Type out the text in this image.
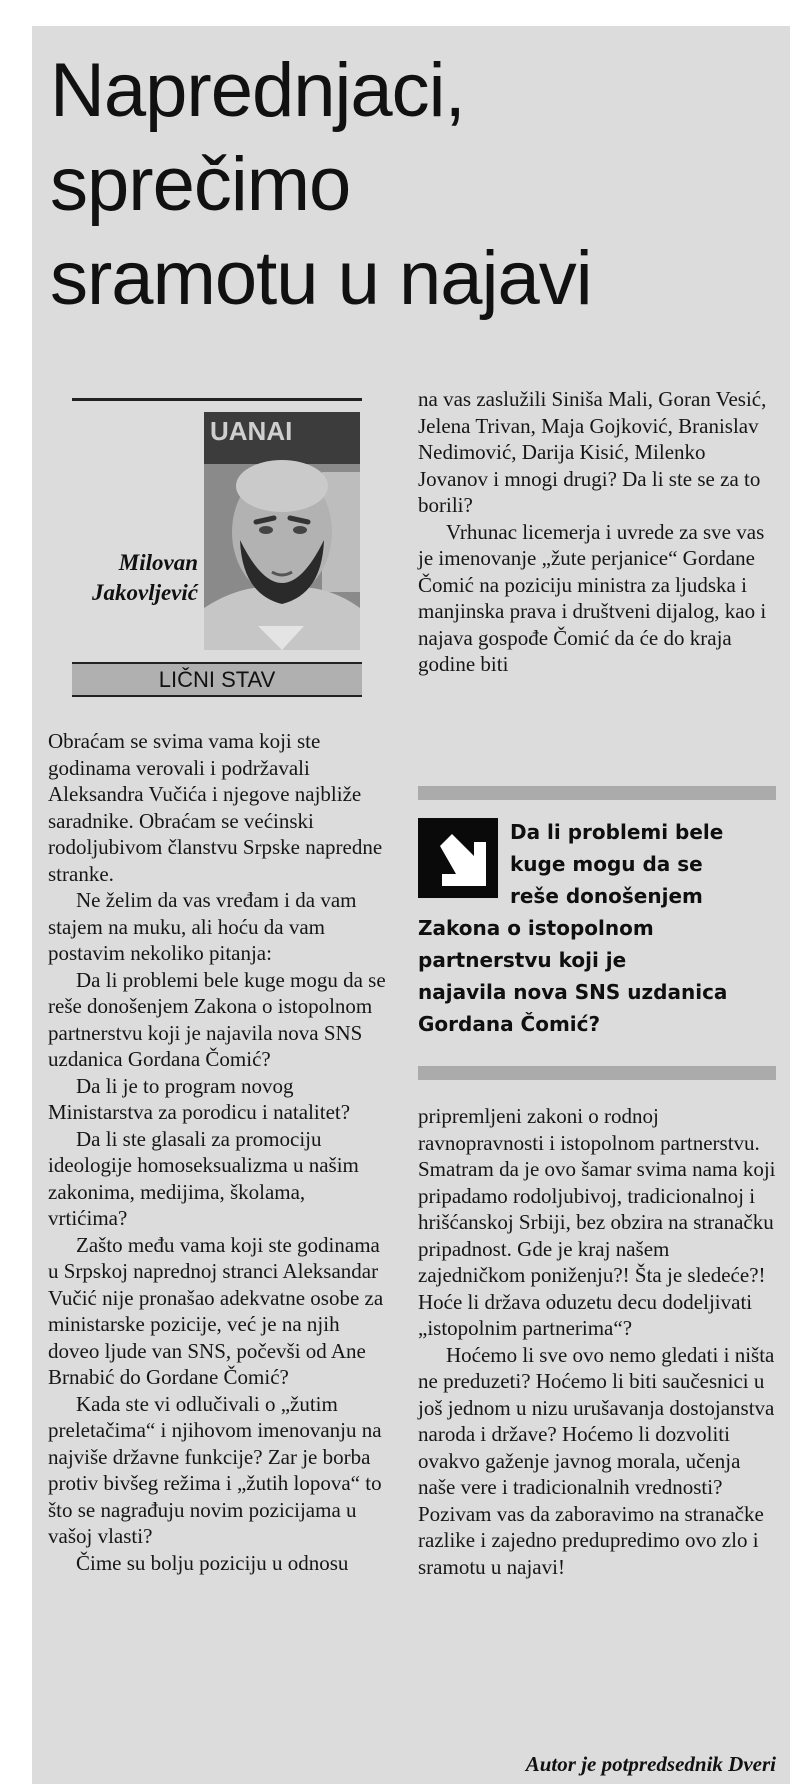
Naprednjaci,
sprečimo
sramotu u najavi
UANAI
Milovan
Jakovljević
LIČNI STAV

Obraćam se svima vama koji ste godinama verovali i podržavali Aleksandra Vučića i njegove najbliže saradnike. Obraćam se većinski rodoljubivom članstvu Srpske napredne stranke.

Ne želim da vas vređam i da vam stajem na muku, ali hoću da vam postavim nekoliko pitanja:

Da li problemi bele kuge mogu da se reše donošenjem Zakona o istopolnom partnerstvu koji je najavila nova SNS uzdanica Gordana Čomić?

Da li je to program novog Ministarstva za porodicu i natalitet?

Da li ste glasali za promociju ideologije homoseksualizma u našim zakonima, medijima, školama, vrtićima?

Zašto među vama koji ste godinama u Srpskoj naprednoj stranci Aleksandar Vučić nije pronašao adekvatne osobe za ministarske pozicije, već je na njih doveo ljude van SNS, počevši od Ane Brnabić do Gordane Čomić?

Kada ste vi odlučivali o „žutim preletačima“ i njihovom imenovanju na najviše državne funkcije? Zar je borba protiv bivšeg režima i „žutih lopova“ to što se nagrađuju novim pozicijama u vašoj vlasti?

Čime su bolju poziciju u odnosu

na vas zaslužili Siniša Mali, Goran Vesić, Jelena Trivan, Maja Gojković, Branislav Nedimović, Darija Kisić, Milenko Jovanov i mnogi drugi? Da li ste se za to borili?

Vrhunac licemerja i uvrede za sve vas je imenovanje „žute perjanice“ Gordane Čomić na poziciju ministra za ljudska i manjinska prava i društveni dijalog, kao i najava gospođe Čomić da će do kraja godine biti

Da li problemi bele
kuge mogu da se
reše donošenjem
Zakona o istopolnom
partnerstvu koji je
najavila nova SNS uzdanica
Gordana Čomić?

pripremljeni zakoni o rodnoj ravnopravnosti i istopolnom partnerstvu. Smatram da je ovo šamar svima nama koji pripadamo rodoljubivoj, tradicionalnoj i hrišćanskoj Srbiji, bez obzira na stranačku pripadnost. Gde je kraj našem zajedničkom poniženju?! Šta je sledeće?! Hoće li država oduzetu decu dodeljivati „istopolnim partnerima“?

Hoćemo li sve ovo nemo gledati i ništa ne preduzeti? Hoćemo li biti saučesnici u još jednom u nizu urušavanja dostojanstva naroda i države? Hoćemo li dozvoliti ovakvo gaženje javnog morala, učenja naše vere i tradicionalnih vrednosti? Pozivam vas da zaboravimo na stranačke razlike i zajedno predupredimo ovo zlo i sramotu u najavi!

Autor je potpredsednik Dveri
